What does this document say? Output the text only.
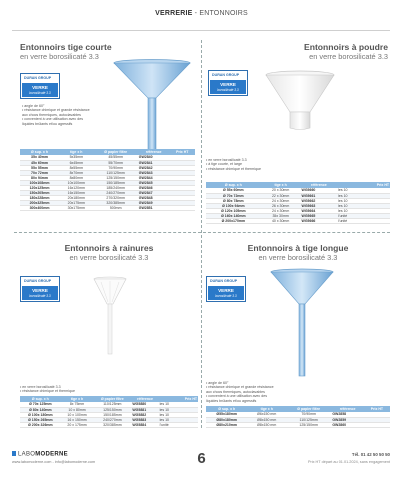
VERRERIE - ENTONNOIRS
Entonnoirs tige courte
en verre borosilicaté 3.3
DURAN GROUP
VERRE
borosilicaté 3.3
• angle de 60°
• résistance chimique et grande résistance
aux chocs thermiques, autoclavables
• convenient à une utilisation avec des
liquides brûlants et/ou agressifs
Ø sup. x h	tige x h	Ø papier filtre	référence	Prix HT
35x 40mm	5x35mm	45/55mm	GW2840	
45x 60mm	6x45mm	55/70mm	GW2841	
55x 55mm	8x55mm	70/90mm	GW2842	
70x 72mm	8x70mm	110/125mm	GW2843	
80x 94mm	8x80mm	125/150mm	GW2844	
100x108mm	10x100mm	150/185mm	GW2845	
120x125mm	16x120mm	185/240mm	GW2846	
150x205mm	16x150mm	240/270mm	GW2847	
180x228mm	20x180mm	270/320mm	GW2848	
200x325mm	20x175mm	320/385mm	GW2849	
300x400mm	30x175mm	500mm	GW2851	
Entonnoirs à poudre
en verre borosilicaté 3.3
DURAN GROUP
VERRE
borosilicaté 3.3
• en verre borosilicaté 3.3
• à tige courte, et large
• résistance chimique et thermique
Ø sup. x h	tige x h	référence		Prix HT
Ø 55x 60mm	20 x 30mm	WG5660	les 10	
Ø 70x 72mm	22 x 30mm	WG5661	les 10	
Ø 80x 78mm	24 x 30mm	WG5662	les 10	
Ø 100x 94mm	26 x 30mm	WG5663	les 10	
Ø 120x 105mm	24 x 30mm	WG5664	les 10	
Ø 160x 140mm	35x 30mm	WG5665	l'unité	
Ø 200x170mm	40 x 30mm	WG5666	l'unité	
Entonnoirs à rainures
en verre borosilicaté 3.3
DURAN GROUP
VERRE
borosilicaté 3.3
• en verre borosilicaté 3.3
• résistance chimique et thermique
Ø sup. x h	tige x h	Ø papier filtre	référence		Prix HT
Ø 70x 125mm	8x 75mm	110/125mm	WG5880	les 10	
Ø 80x 140mm	10 x 80mm	125/150mm	WG5881	les 10	
Ø 100x 180mm	10 x 100mm	150/185mm	WG5882	les 10	
Ø 150x 265mm	16 x 150mm	240/270mm	WG5883	les 10	
Ø 200x 326mm	20 x 175mm	320/385mm	WG5884	l'unité	
Entonnoirs à tige longue
en verre borosilicaté 3.3
DURAN GROUP
VERRE
borosilicaté 3.3
• angle de 60°
• résistance chimique et grande résistance
aux chocs thermiques, autoclavables
• convenient à une utilisation avec des
liquides brûlants et/ou agressifs
Ø sup. x h	tige x h	Ø papier filtre	référence	Prix HT
Ø55x180mm	Ø6x150 mm	70/90mm	GW2858	
Ø80x180mm	Ø8x150 mm	110/125mm	GW2859	
Ø80x210mm	Ø8x150 mm	125/150mm	GW2860	
LABOMODERNE
www.labomoderne.com - info@labomoderne.com	6	Tél. 01 42 50 50 50
Prix HT départ au 01.01.2024, sans engagement
